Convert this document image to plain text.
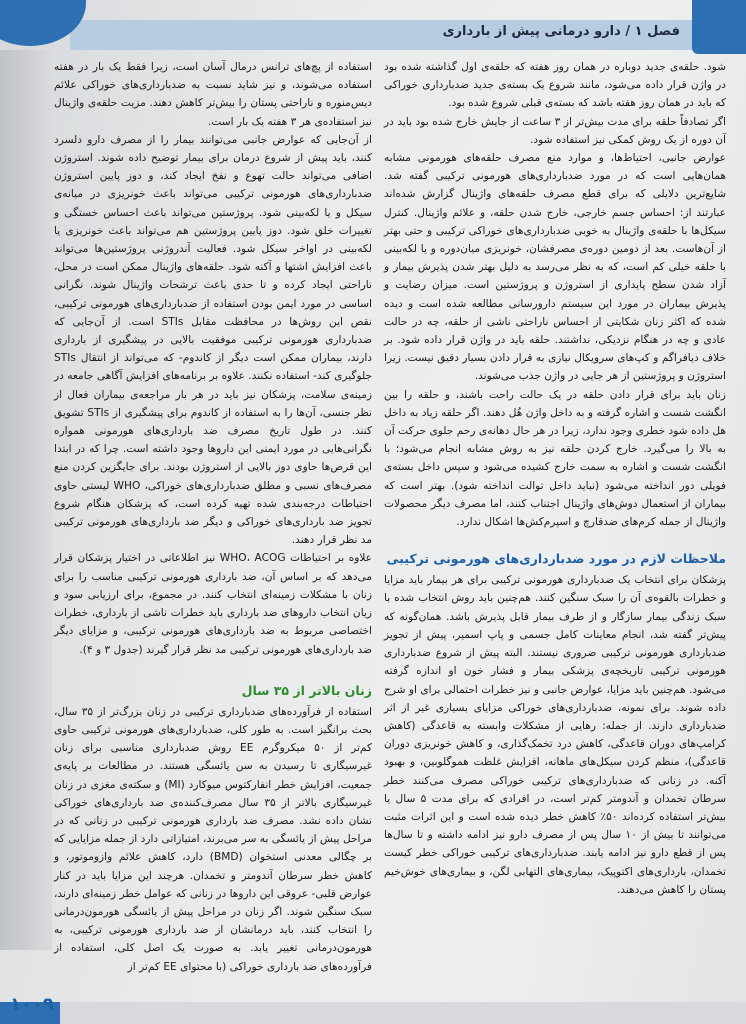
فصل ۱ / دارو درمانی پیش از بارداری

شود. حلقه‌ی جدید دوباره در همان روز هفته که حلقه‌ی اول گذاشته شده بود در واژن قرار داده می‌شود، مانند شروع یک بسته‌ی جدید ضدبارداری خوراکی که باید در همان روز هفته باشد که بسته‌ی قبلی شروع شده بود.

اگر تصادفاً حلقه برای مدت بیش‌تر از ۳ ساعت از جایش خارج شده بود باید در آن دوره از یک روش کمکی نیز استفاده شود.

عوارض جانبی، احتیاط‌ها، و موارد منع مصرف حلقه‌های هورمونی مشابه همان‌هایی است که در مورد ضدبارداری‌های هورمونی ترکیبی گفته شد. شایع‌ترین دلایلی که برای قطع مصرف حلقه‌های واژینال گزارش شده‌اند عبارتند از: احساس جسم خارجی، خارج شدن حلقه، و علائم واژینال. کنترل سیکل‌ها با حلقه‌ی واژینال به خوبی ضدبارداری‌های خوراکی ترکیبی و حتی بهتر از آن‌هاست. بعد از دومین دوره‌ی مصرفشان، خونریزی میان‌دوره و یا لکه‌بینی با حلقه خیلی کم است، که به نظر می‌رسد به دلیل بهتر شدن پذیرش بیمار و آزاد شدن سطح پایداری از استروژن و پروژستین است. میزان رضایت و پذیرش بیماران در مورد این سیستم دارورسانی مطالعه شده است و دیده شده که اکثر زنان شکایتی از احساس ناراحتی ناشی از حلقه، چه در حالت عادی و چه در هنگام نزدیکی، نداشتند. حلقه باید در واژن قرار داده شود. بر خلاف دیافراگم و کپ‌های سرویکال نیازی به قرار دادن بسیار دقیق نیست. زیرا استروژن و پروژستین از هر جایی در واژن جذب می‌شوند.

زنان باید برای قرار دادن حلقه در یک حالت راحت باشند، و حلقه را بین انگشت شست و اشاره گرفته و به داخل واژن هُل دهند. اگر حلقه زیاد به داخل هل داده شود خطری وجود ندارد، زیرا در هر حال دهانه‌ی رحم جلوی حرکت آن به بالا را می‌گیرد. خارج کردن حلقه نیز به روش مشابه انجام می‌شود؛ با انگشت شست و اشاره به سمت خارج کشیده می‌شود و سپس داخل بسته‌ی فویلی دور انداخته می‌شود (نباید داخل توالت انداخته شود). بهتر است که بیماران از استعمال دوش‌های واژینال اجتناب کنند، اما مصرف دیگر محصولات واژینال از جمله کرم‌های ضدقارچ و اسپرم‌کش‌ها اشکال ندارد.

ملاحظات لازم در مورد ضدبارداری‌های هورمونی ترکیبی

پزشکان برای انتخاب یک ضدبارداری هورمونی ترکیبی برای هر بیمار باید مزایا و خطرات بالقوه‌ی آن را سبک سنگین کنند. هم‌چنین باید روش انتخاب شده با سبک زندگی بیمار سازگار و از طرف بیمار قابل پذیرش باشد. همان‌گونه که پیش‌تر گفته شد، انجام معاینات کامل جسمی و پاپ اسمیر، پیش از تجویز ضدبارداری هورمونی ترکیبی ضروری نیستند. البته پیش از شروع ضدبارداری هورمونی ترکیبی تاریخچه‌ی پزشکی بیمار و فشار خون او اندازه گرفته می‌شود. هم‌چنین باید مزایا، عوارض جانبی و نیز خطرات احتمالی برای او شرح داده شوند. برای نمونه، ضدبارداری‌های خوراکی مزایای بسیاری غیر از اثر ضدبارداری دارند. از جمله: رهایی از مشکلات وابسته به قاعدگی (کاهش کرامپ‌های دوران قاعدگی، کاهش درد تخمک‌گذاری، و کاهش خونریزی دوران قاعدگی)، منظم کردن سیکل‌های ماهانه، افزایش غلظت هموگلوبین، و بهبود آکنه. در زنانی که ضدبارداری‌های ترکیبی خوراکی مصرف می‌کنند خطر سرطان تخمدان و آندومتر کم‌تر است، در افرادی که برای مدت ۵ سال یا بیش‌تر استفاده کرده‌اند ۵۰٪ کاهش خطر دیده شده است و این اثرات مثبت می‌توانند تا بیش از ۱۰ سال پس از مصرف دارو نیز ادامه داشته و تا سال‌ها پس از قطع دارو نیز ادامه یابند. ضدبارداری‌های ترکیبی خوراکی خطر کیست تخمدان، بارداری‌های اکتوپیک، بیماری‌های التهابی لگن، و بیماری‌های خوش‌خیم پستان را کاهش می‌دهند.

استفاده از پچ‌های ترانس درمال آسان است، زیرا فقط یک بار در هفته استفاده می‌شوند، و نیز شاید نسبت به ضدبارداری‌های خوراکی علائم دیس‌منوره و ناراحتی پستان را بیش‌تر کاهش دهند. مزیت حلقه‌ی واژینال نیز استفاده‌ی هر ۳ هفته یک بار است.

از آن‌جایی که عوارض جانبی می‌توانند بیمار را از مصرف دارو دلسرد کنند، باید پیش از شروع درمان برای بیمار توضیح داده شوند. استروژن اضافی می‌تواند حالت تهوع و نفخ ایجاد کند، و دوز پایین استروژن ضدبارداری‌های هورمونی ترکیبی می‌تواند باعث خونریزی در میانه‌ی سیکل و یا لکه‌بینی شود. پروژستین می‌تواند باعث احساس خستگی و تغییرات خلق شود. دوز پایین پروژستین هم می‌تواند باعث خونریزی یا لکه‌بینی در اواخر سیکل شود. فعالیت آندروژنی پروژستین‌ها می‌تواند باعث افزایش اشتها و آکنه شود. حلقه‌های واژینال ممکن است در محل، ناراحتی ایجاد کرده و تا حدی باعث ترشحات واژینال شوند. نگرانی اساسی در مورد ایمن بودن استفاده از ضدبارداری‌های هورمونی ترکیبی، نقص این روش‌ها در محافظت مقابل STIs است. از آن‌جایی که ضدبارداری هورمونی ترکیبی موفقیت بالایی در پیشگیری از بارداری دارند، بیماران ممکن است دیگر از کاندوم- که می‌تواند از انتقال STIs جلوگیری کند- استفاده نکنند. علاوه بر برنامه‌های افزایش آگاهی جامعه در زمینه‌ی سلامت، پزشکان نیز باید در هر بار مراجعه‌ی بیماران فعال از نظر جنسی، آن‌ها را به استفاده از کاندوم برای پیشگیری از STIs تشویق کنند. در طول تاریخ مصرف ضد بارداری‌های هورمونی همواره نگرانی‌هایی در مورد ایمنی این داروها وجود داشته است. چرا که در ابتدا این قرص‌ها حاوی دوز بالایی از استروژن بودند. برای جایگزین کردن منع مصرف‌های نسبی و مطلق ضدبارداری‌های خوراکی، WHO لیستی حاوی احتیاطات درجه‌بندی شده تهیه کرده است، که پزشکان هنگام شروع تجویز ضد بارداری‌های خوراکی و دیگر ضد بارداری‌های هورمونی ترکیبی مد نظر قرار دهند.

علاوه بر احتیاطات WHO، ACOG نیز اطلاعاتی در اختیار پزشکان قرار می‌دهد که بر اساس آن، ضد بارداری هورمونی ترکیبی مناسب را برای زنان با مشکلات زمینه‌ای انتخاب کنند. در مجموع، برای ارزیابی سود و زیان انتخاب داروهای ضد بارداری باید خطرات ناشی از بارداری، خطرات اختصاصی مربوط به ضد بارداری‌های هورمونی ترکیبی، و مزایای دیگر ضد بارداری‌های هورمونی ترکیبی مد نظر قرار گیرند (جدول ۳ و ۴).

زنان بالاتر از ۳۵ سال

استفاده از فرآورده‌های ضدبارداری ترکیبی در زنان بزرگ‌تر از ۳۵ سال، بحث برانگیز است. به طور کلی، ضدبارداری‌های هورمونی ترکیبی حاوی کم‌تر از ۵۰ میکروگرم EE روش ضدبارداری مناسبی برای زنان غیرسیگاری تا رسیدن به سن یائسگی هستند. در مطالعات بر پایه‌ی جمعیت، افزایش خطر انفارکتوس میوکارد (MI) و سکته‌ی مغزی در زنان غیرسیگاری بالاتر از ۳۵ سال مصرف‌کننده‌ی ضد بارداری‌های خوراکی نشان داده نشد. مصرف ضد بارداری هورمونی ترکیبی در زنانی که در مراحل پیش از یائسگی به سر می‌برند، امتیازاتی دارد از جمله مزایایی که بر چگالی معدنی استخوان (BMD) دارد، کاهش علائم وازوموتور، و کاهش خطر سرطان آندومتر و تخمدان. هرچند این مزایا باید در کنار عوارض قلبی- عروقی این داروها در زنانی که عوامل خطر زمینه‌ای دارند، سبک سنگین شوند. اگر زنان در مراحل پیش از یائسگی هورمون‌درمانی را انتخاب کنند، باید درمانشان از ضد بارداری هورمونی ترکیبی، به هورمون‌درمانی تغییر یابد. به صورت یک اصل کلی، استفاده از فرآورده‌های ضد بارداری خوراکی (با محتوای EE کم‌تر از

۱۰۰۹
